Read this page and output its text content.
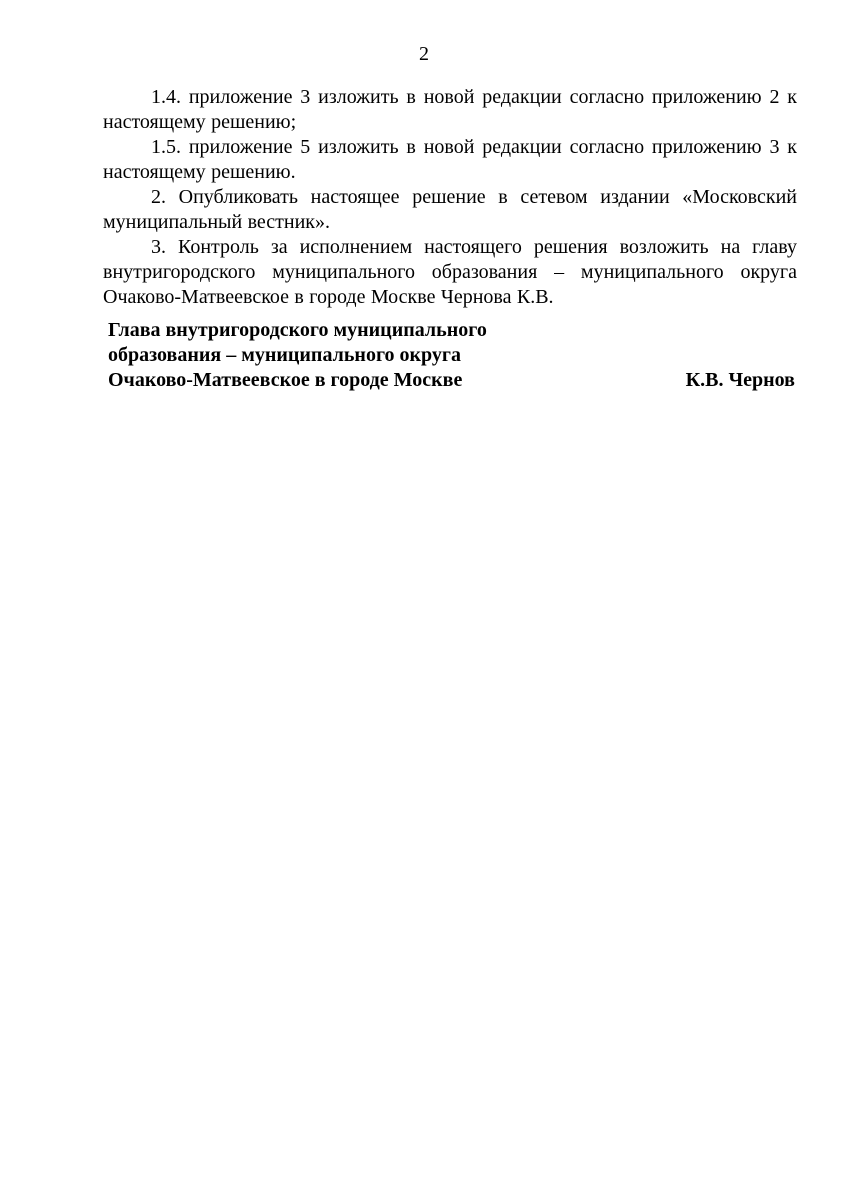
2

1.4. приложение 3 изложить в новой редакции согласно приложению 2 к настоящему решению;

1.5. приложение 5 изложить в новой редакции согласно приложению 3 к настоящему решению.

2. Опубликовать настоящее решение в сетевом издании «Московский муниципальный вестник».

3. Контроль за исполнением настоящего решения возложить на главу внутригородского муниципального образования – муниципального округа Очаково-Матвеевское в городе Москве Чернова К.В.

Глава внутригородского муниципального
образования – муниципального округа
Очаково-Матвеевское в городе Москве	К.В. Чернов
